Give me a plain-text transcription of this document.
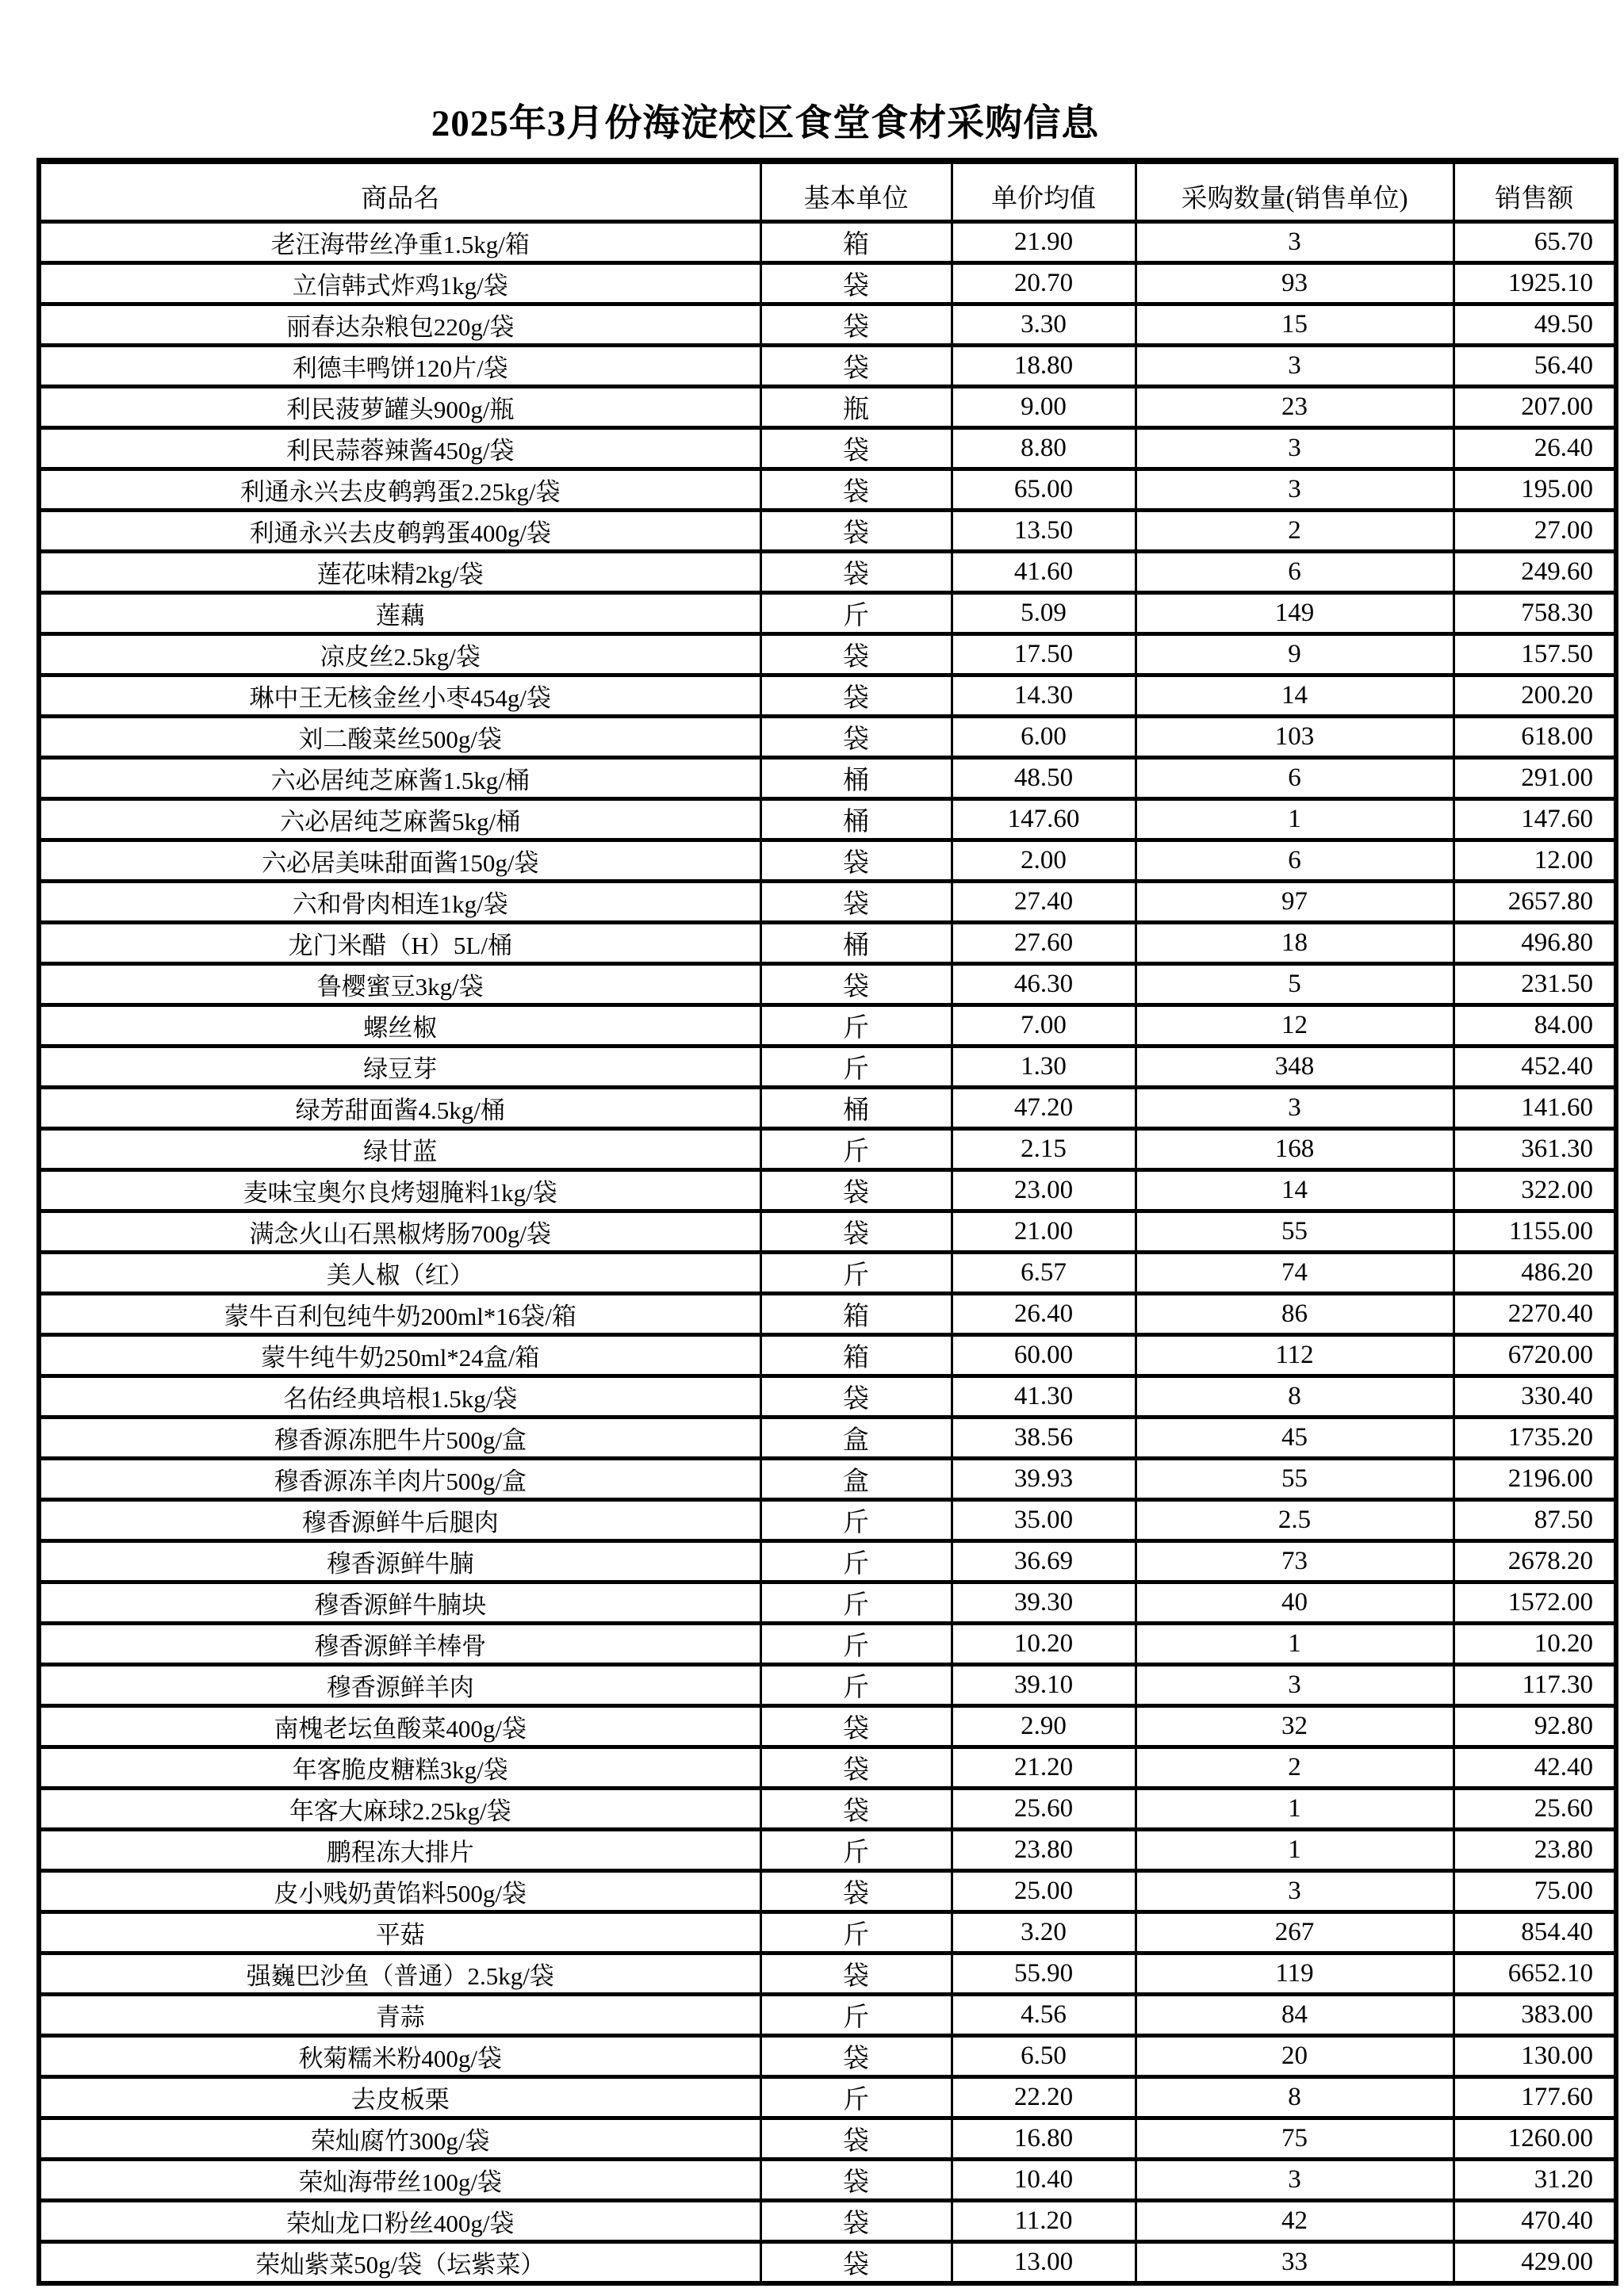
2025年3月份海淀校区食堂食材采购信息
商品名	基本单位	单价均值	采购数量(销售单位)	销售额
老汪海带丝净重1.5kg/箱	箱	21.90	3	65.70
立信韩式炸鸡1kg/袋	袋	20.70	93	1925.10
丽春达杂粮包220g/袋	袋	3.30	15	49.50
利德丰鸭饼120片/袋	袋	18.80	3	56.40
利民菠萝罐头900g/瓶	瓶	9.00	23	207.00
利民蒜蓉辣酱450g/袋	袋	8.80	3	26.40
利通永兴去皮鹌鹑蛋2.25kg/袋	袋	65.00	3	195.00
利通永兴去皮鹌鹑蛋400g/袋	袋	13.50	2	27.00
莲花味精2kg/袋	袋	41.60	6	249.60
莲藕	斤	5.09	149	758.30
凉皮丝2.5kg/袋	袋	17.50	9	157.50
琳中王无核金丝小枣454g/袋	袋	14.30	14	200.20
刘二酸菜丝500g/袋	袋	6.00	103	618.00
六必居纯芝麻酱1.5kg/桶	桶	48.50	6	291.00
六必居纯芝麻酱5kg/桶	桶	147.60	1	147.60
六必居美味甜面酱150g/袋	袋	2.00	6	12.00
六和骨肉相连1kg/袋	袋	27.40	97	2657.80
龙门米醋（H）5L/桶	桶	27.60	18	496.80
鲁樱蜜豆3kg/袋	袋	46.30	5	231.50
螺丝椒	斤	7.00	12	84.00
绿豆芽	斤	1.30	348	452.40
绿芳甜面酱4.5kg/桶	桶	47.20	3	141.60
绿甘蓝	斤	2.15	168	361.30
麦味宝奥尔良烤翅腌料1kg/袋	袋	23.00	14	322.00
满念火山石黑椒烤肠700g/袋	袋	21.00	55	1155.00
美人椒（红）	斤	6.57	74	486.20
蒙牛百利包纯牛奶200ml*16袋/箱	箱	26.40	86	2270.40
蒙牛纯牛奶250ml*24盒/箱	箱	60.00	112	6720.00
名佑经典培根1.5kg/袋	袋	41.30	8	330.40
穆香源冻肥牛片500g/盒	盒	38.56	45	1735.20
穆香源冻羊肉片500g/盒	盒	39.93	55	2196.00
穆香源鲜牛后腿肉	斤	35.00	2.5	87.50
穆香源鲜牛腩	斤	36.69	73	2678.20
穆香源鲜牛腩块	斤	39.30	40	1572.00
穆香源鲜羊棒骨	斤	10.20	1	10.20
穆香源鲜羊肉	斤	39.10	3	117.30
南槐老坛鱼酸菜400g/袋	袋	2.90	32	92.80
年客脆皮糖糕3kg/袋	袋	21.20	2	42.40
年客大麻球2.25kg/袋	袋	25.60	1	25.60
鹏程冻大排片	斤	23.80	1	23.80
皮小贱奶黄馅料500g/袋	袋	25.00	3	75.00
平菇	斤	3.20	267	854.40
强巍巴沙鱼（普通）2.5kg/袋	袋	55.90	119	6652.10
青蒜	斤	4.56	84	383.00
秋菊糯米粉400g/袋	袋	6.50	20	130.00
去皮板栗	斤	22.20	8	177.60
荣灿腐竹300g/袋	袋	16.80	75	1260.00
荣灿海带丝100g/袋	袋	10.40	3	31.20
荣灿龙口粉丝400g/袋	袋	11.20	42	470.40
荣灿紫菜50g/袋（坛紫菜）	袋	13.00	33	429.00
